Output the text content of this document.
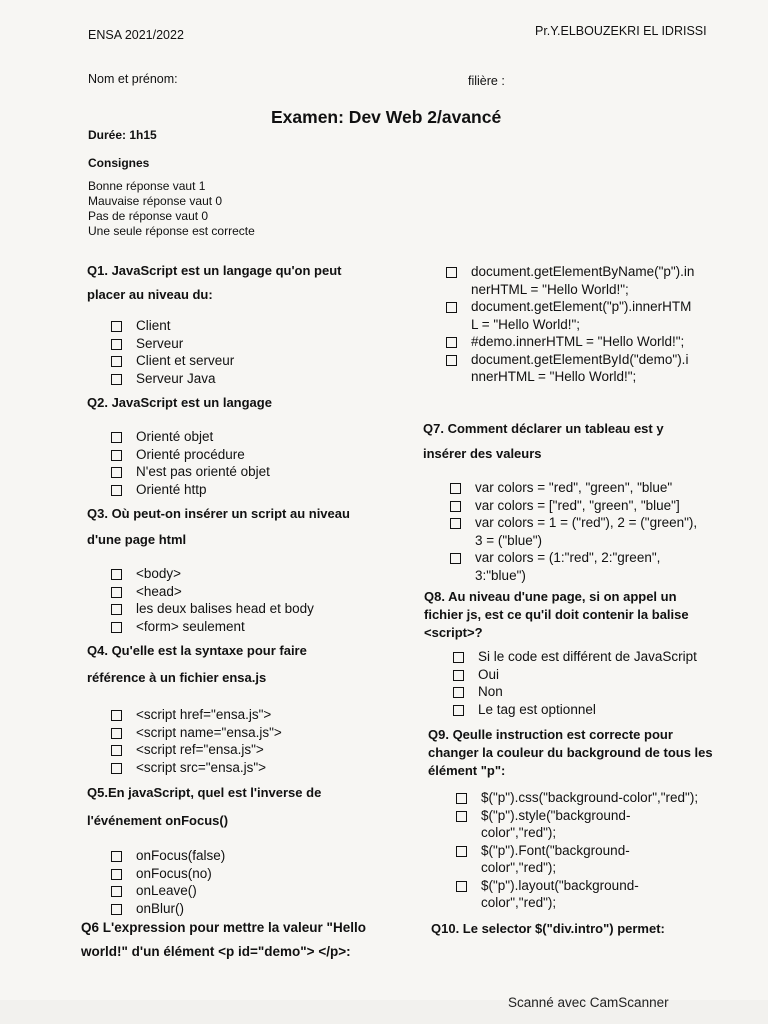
ENSA 2021/2022	Pr.Y.ELBOUZEKRI EL IDRISSI
Nom et prénom:	filière :
Examen: Dev Web 2/avancé
Durée: 1h15
Consignes
Bonne réponse vaut 1
Mauvaise réponse vaut 0
Pas de réponse vaut 0
Une seule réponse est correcte
Q1. JavaScript est un langage qu'on peut
placer au niveau du:
Client
Serveur
Client et serveur
Serveur Java
Q2. JavaScript est un langage
Orienté objet
Orienté procédure
N'est pas orienté objet
Orienté http
Q3. Où peut-on insérer un script au niveau
d'une page html
<body>
<head>
les deux balises head et body
<form> seulement
Q4. Qu'elle est la syntaxe pour faire
référence à un fichier ensa.js
<script href="ensa.js">
<script name="ensa.js">
<script ref="ensa.js">
<script src="ensa.js">
Q5.En javaScript, quel est l'inverse de
l'événement onFocus()
onFocus(false)
onFocus(no)
onLeave()
onBlur()
Q6 L'expression pour mettre la valeur "Hello
world!" d'un élément <p id="demo"> </p>:
document.getElementByName("p").in
nerHTML = "Hello World!";
document.getElement("p").innerHTM
L = "Hello World!";
#demo.innerHTML = "Hello World!";
document.getElementById("demo").i
nnerHTML = "Hello World!";
Q7. Comment déclarer un tableau est y
insérer des valeurs
var colors = "red", "green", "blue"
var colors = ["red", "green", "blue"]
var colors = 1 = ("red"), 2 = ("green"),
3 = ("blue")
var colors = (1:"red", 2:"green",
3:"blue")
Q8. Au niveau d'une page, si on appel un
fichier js, est ce qu'il doit contenir la balise
<script>?
Si le code est différent de JavaScript
Oui
Non
Le tag est optionnel
Q9. Qeulle instruction est correcte pour
changer la couleur du background de tous les
élément "p":
$("p").css("background-color","red");
$("p").style("background-
color","red");
$("p").Font("background-
color","red");
$("p").layout("background-
color","red");
Q10. Le selector $("div.intro") permet:
Scanné avec CamScanner
